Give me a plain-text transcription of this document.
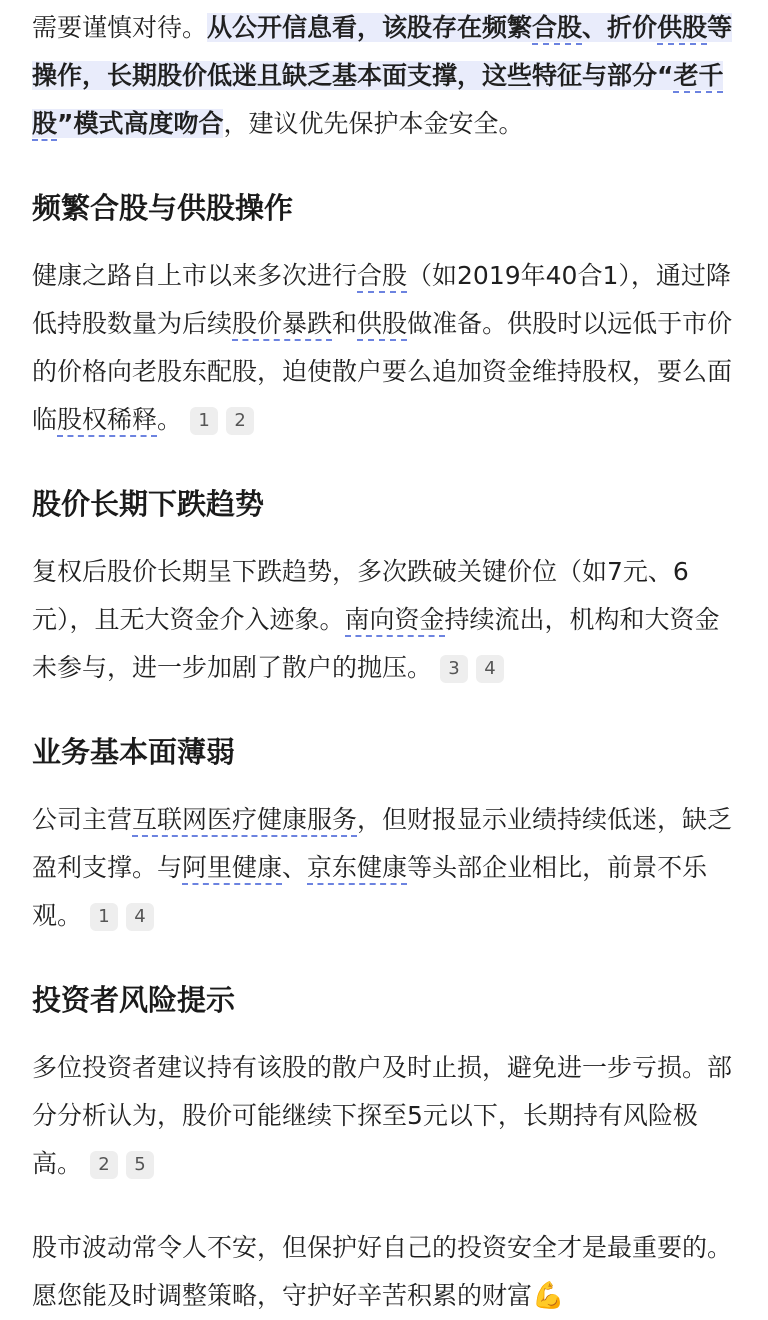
需要谨慎对待。从公开信息看，该股存在频繁合股、折价供股等操作，长期股价低迷且缺乏基本面支撑，这些特征与部分“老千股”模式高度吻合，建议优先保护本金安全。

频繁合股与供股操作

健康之路自上市以来多次进行合股（如2019年40合1），通过降低持股数量为后续股价暴跌和供股做准备。供股时以远低于市价的价格向老股东配股，迫使散户要么追加资金维持股权，要么面临股权稀释。 1 2

股价长期下跌趋势

复权后股价长期呈下跌趋势，多次跌破关键价位（如7元、6元），且无大资金介入迹象。南向资金持续流出，机构和大资金未参与，进一步加剧了散户的抛压。 3 4

业务基本面薄弱

公司主营互联网医疗健康服务，但财报显示业绩持续低迷，缺乏盈利支撑。与阿里健康、京东健康等头部企业相比，前景不乐观。 1 4

投资者风险提示

多位投资者建议持有该股的散户及时止损，避免进一步亏损。部分分析认为，股价可能继续下探至5元以下，长期持有风险极高。 2 5

股市波动常令人不安，但保护好自己的投资安全才是最重要的。愿您能及时调整策略，守护好辛苦积累的财富💪
